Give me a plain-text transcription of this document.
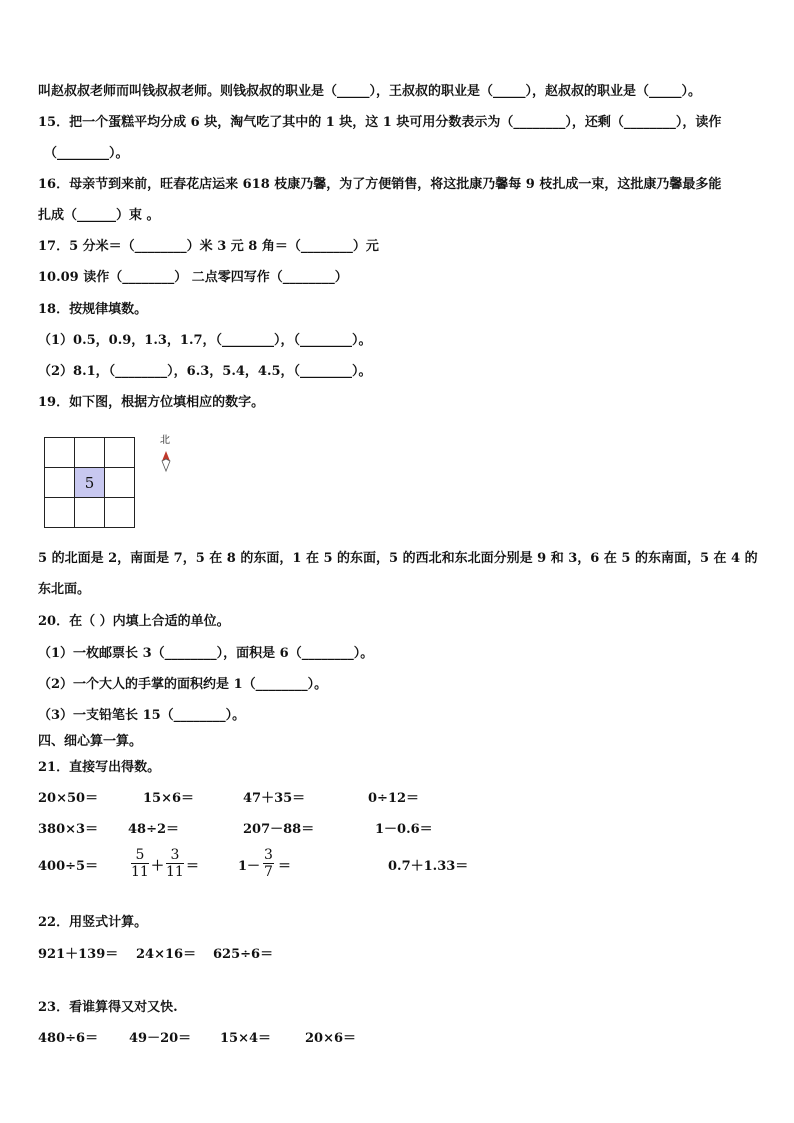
叫赵叔叔老师而叫钱叔叔老师。则钱叔叔的职业是（_____），王叔叔的职业是（_____），赵叔叔的职业是（_____）。
15．把一个蛋糕平均分成 6 块，淘气吃了其中的 1 块，这 1 块可用分数表示为（________），还剩（________），读作
（________）。
16．母亲节到来前，旺春花店运来 618 枝康乃馨，为了方便销售，将这批康乃馨每 9 枝扎成一束，这批康乃馨最多能
扎成（______）束 。
17．5 分米＝（________）米 3 元 8 角＝（________）元
10.09 读作（________） 二点零四写作（________）
18．按规律填数。
（1）0.5，0.9，1.3，1.7，（________），（________）。
（2）8.1，（________），6.3，5.4，4.5，（________）。
19．如下图，根据方位填相应的数字。

	5	

北
5 的北面是 2，南面是 7，5 在 8 的东面，1 在 5 的东面，5 的西北和东北面分别是 9 和 3，6 在 5 的东南面，5 在 4 的
东北面。
20．在（ ）内填上合适的单位。
（1）一枚邮票长 3（________），面积是 6（________）。
（2）一个大人的手掌的面积约是 1（________）。
（3）一支铅笔长 15（________）。
四、细心算一算。
21．直接写出得数。
20×50＝	15×6＝	47＋35＝	0÷12＝
380×3＝ 48÷2＝	207－88＝	1－0.6＝
$400\div 5= \frac{5}{11} + \frac{3}{11}$ ＝	$1- \frac{3}{7}$ ＝	0.7＋1.33＝
22．用竖式计算。
921＋139＝ 24×16＝ 625÷6＝
23．看谁算得又对又快.
480÷6＝ 49－20＝ 15×4＝	20×6＝
